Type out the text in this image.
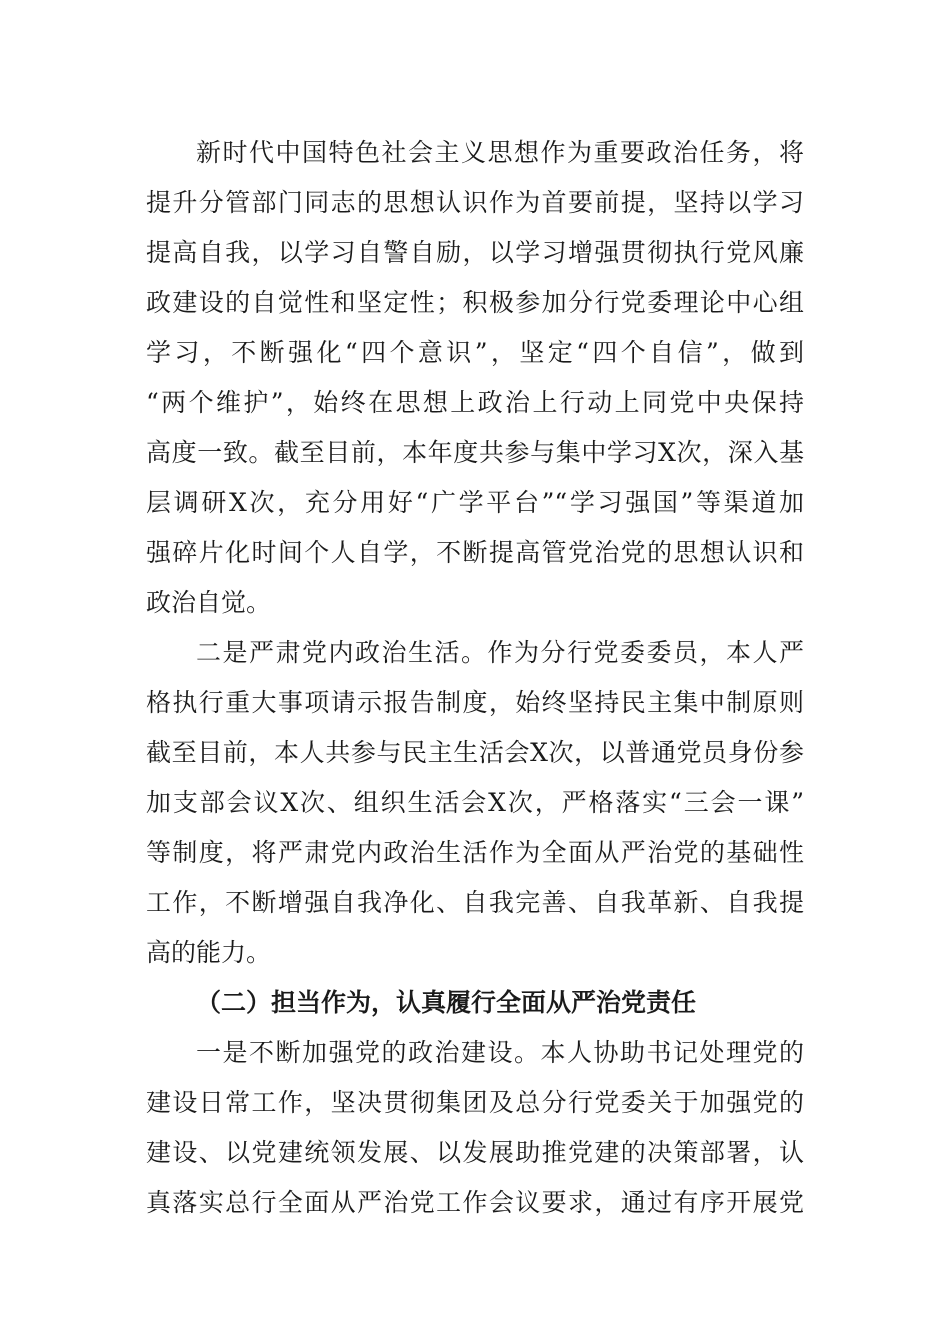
新时代中国特色社会主义思想作为重要政治任务，将
提升分管部门同志的思想认识作为首要前提，坚持以学习
提高自我，以学习自警自励，以学习增强贯彻执行党风廉
政建设的自觉性和坚定性；积极参加分行党委理论中心组
学习，不断强化“四个意识”，坚定“四个自信”，做到
“两个维护”，始终在思想上政治上行动上同党中央保持
高度一致。截至目前，本年度共参与集中学习X次，深入基
层调研X次，充分用好“广学平台”“学习强国”等渠道加
强碎片化时间个人自学，不断提高管党治党的思想认识和
政治自觉。
二是严肃党内政治生活。作为分行党委委员，本人严
格执行重大事项请示报告制度，始终坚持民主集中制原则
截至目前，本人共参与民主生活会X次，以普通党员身份参
加支部会议X次、组织生活会X次，严格落实“三会一课”
等制度，将严肃党内政治生活作为全面从严治党的基础性
工作，不断增强自我净化、自我完善、自我革新、自我提
高的能力。
（二）担当作为，认真履行全面从严治党责任
一是不断加强党的政治建设。本人协助书记处理党的
建设日常工作，坚决贯彻集团及总分行党委关于加强党的
建设、以党建统领发展、以发展助推党建的决策部署，认
真落实总行全面从严治党工作会议要求，通过有序开展党
